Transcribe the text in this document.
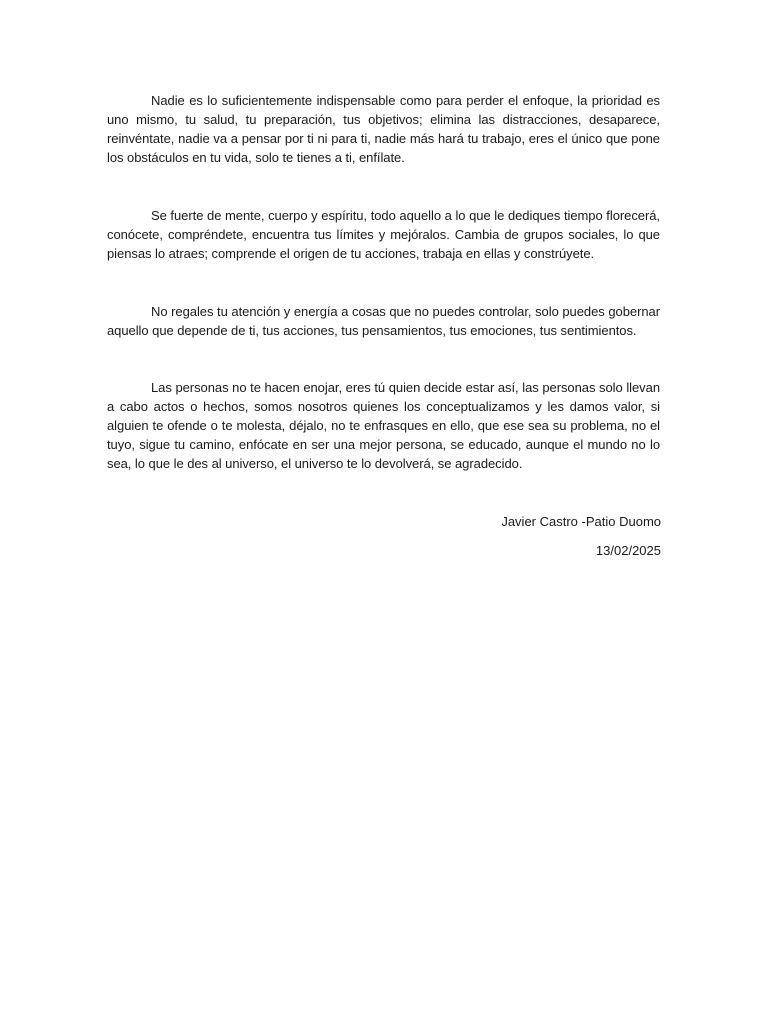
Nadie es lo suficientemente indispensable como para perder el enfoque, la prioridad es uno mismo, tu salud, tu preparación, tus objetivos; elimina las distracciones, desaparece, reinvéntate, nadie va a pensar por ti ni para ti, nadie más hará tu trabajo, eres el único que pone los obstáculos en tu vida, solo te tienes a ti, enfílate.

Se fuerte de mente, cuerpo y espíritu, todo aquello a lo que le dediques tiempo florecerá, conócete, compréndete, encuentra tus límites y mejóralos. Cambia de grupos sociales, lo que piensas lo atraes; comprende el origen de tu acciones, trabaja en ellas y constrúyete.

No regales tu atención y energía a cosas que no puedes controlar, solo puedes gobernar aquello que depende de ti, tus acciones, tus pensamientos, tus emociones, tus sentimientos.

Las personas no te hacen enojar, eres tú quien decide estar así, las personas solo llevan a cabo actos o hechos, somos nosotros quienes los conceptualizamos y les damos valor, si alguien te ofende o te molesta, déjalo, no te enfrasques en ello, que ese sea su problema, no el tuyo, sigue tu camino, enfócate en ser una mejor persona, se educado, aunque el mundo no lo sea, lo que le des al universo, el universo te lo devolverá, se agradecido.

Javier Castro -Patio Duomo

13/02/2025
